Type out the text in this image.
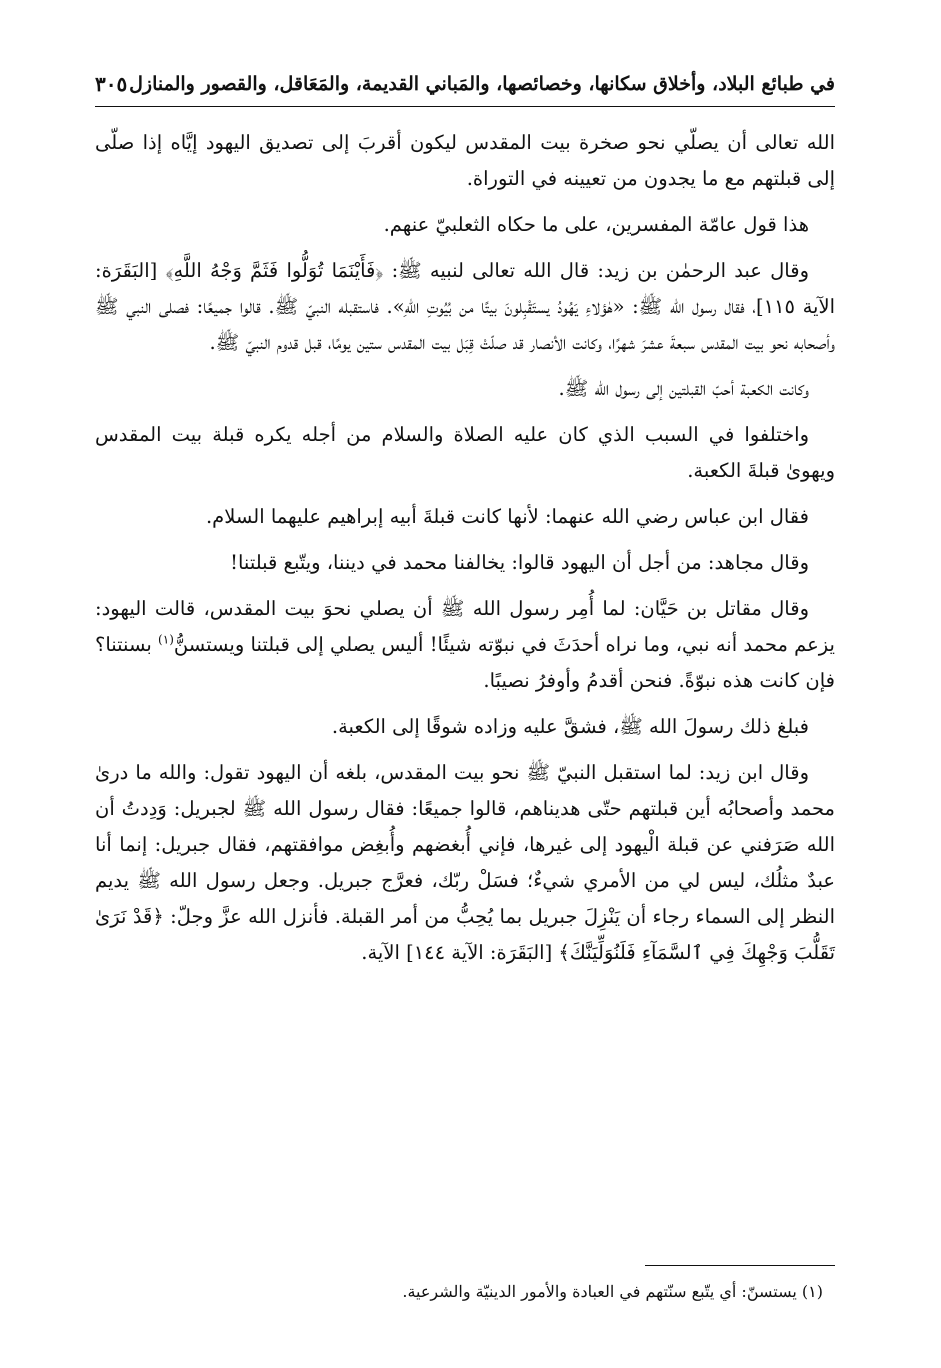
في طبائع البلاد، وأخلاق سكانها، وخصائصها، والمَباني القديمة، والمَعَاقل، والقصور والمنازل
٣٠٥

الله تعالى أن يصلّي نحو صخرة بيت المقدس ليكون أقربَ إلى تصديق اليهود إيَّاه إذا صلّى إلى قبلتهم مع ما يجدون من تعيينه في التوراة.

هذا قول عامّة المفسرين، على ما حكاه الثعلبيّ عنهم.

وقال عبد الرحمٰن بن زيد: قال الله تعالى لنبيه ﷺ: ﴿فَأَيْنَمَا تُوَلُّوا فَثَمَّ وَجْهُ اللَّهِ﴾ [البَقَرَة: الآية ١١٥]، فقال رسول الله ﷺ: «هٰؤلاءِ يَهُودُ يستَقْبِلونَ بيتًا من بُيُوتِ اللهِ». فاستقبله النبيّ ﷺ. قالوا جميعًا: فصلى النبي ﷺ وأصحابه نحو بيت المقدس سبعةَ عشرَ شهرًا، وكانت الأنصار قد صلّتْ قِبَل بيت المقدس ستين يومًا، قبل قدوم النبيّ ﷺ.

وكانت الكعبة أحبّ القبلتين إلى رسول الله ﷺ.

واختلفوا في السبب الذي كان عليه الصلاة والسلام من أجله يكره قبلة بيت المقدس ويهوىٰ قبلةَ الكعبة.

فقال ابن عباس رضي الله عنهما: لأنها كانت قبلةَ أبيه إبراهيم عليهما السلام.

وقال مجاهد: من أجل أن اليهود قالوا: يخالفنا محمد في ديننا، ويتّبع قبلتنا!

وقال مقاتل بن حَيَّان: لما أُمِر رسول الله ﷺ أن يصلي نحوَ بيت المقدس، قالت اليهود: يزعم محمد أنه نبي، وما نراه أحدَثَ في نبوّته شيئًا! أليس يصلي إلى قبلتنا ويستسنُّ$^{(١)}$ بسنتنا؟ فإن كانت هذه نبوّةً. فنحن أقدمُ وأوفرُ نصيبًا.

فبلغ ذلك رسولَ الله ﷺ، فشقَّ عليه وزاده شوقًا إلى الكعبة.

وقال ابن زيد: لما استقبل النبيّ ﷺ نحو بيت المقدس، بلغه أن اليهود تقول: والله ما درىٰ محمد وأصحابُه أين قبلتهم حتّى هديناهم، قالوا جميعًا: فقال رسول الله ﷺ لجبريل: وَدِدتُ أن الله صَرَفني عن قبلة الْيهود إلى غيرها، فإني أُبغضهم وأُبغِض موافقتهم، فقال جبريل: إنما أنا عبدٌ مثلُك، ليس لي من الأمري شيءٌ؛ فسَلْ ربّك، فعرَّج جبريل. وجعل رسول الله ﷺ يديم النظر إلى السماء رجاء أن يَنْزِلَ جبريل بما يُحِبُّ من أمر القبلة. فأنزل الله عزَّ وجلّ: ﴿قَدْ نَرَىٰ تَقَلُّبَ وَجْهِكَ فِي ٱلسَّمَآءِ فَلَنُوَلِّيَنَّكَ﴾ [البَقَرَة: الآية ١٤٤] الآية.

(١) يستسنّ: أي يتّبع سنّتهم في العبادة والأمور الدينيّة والشرعية.
